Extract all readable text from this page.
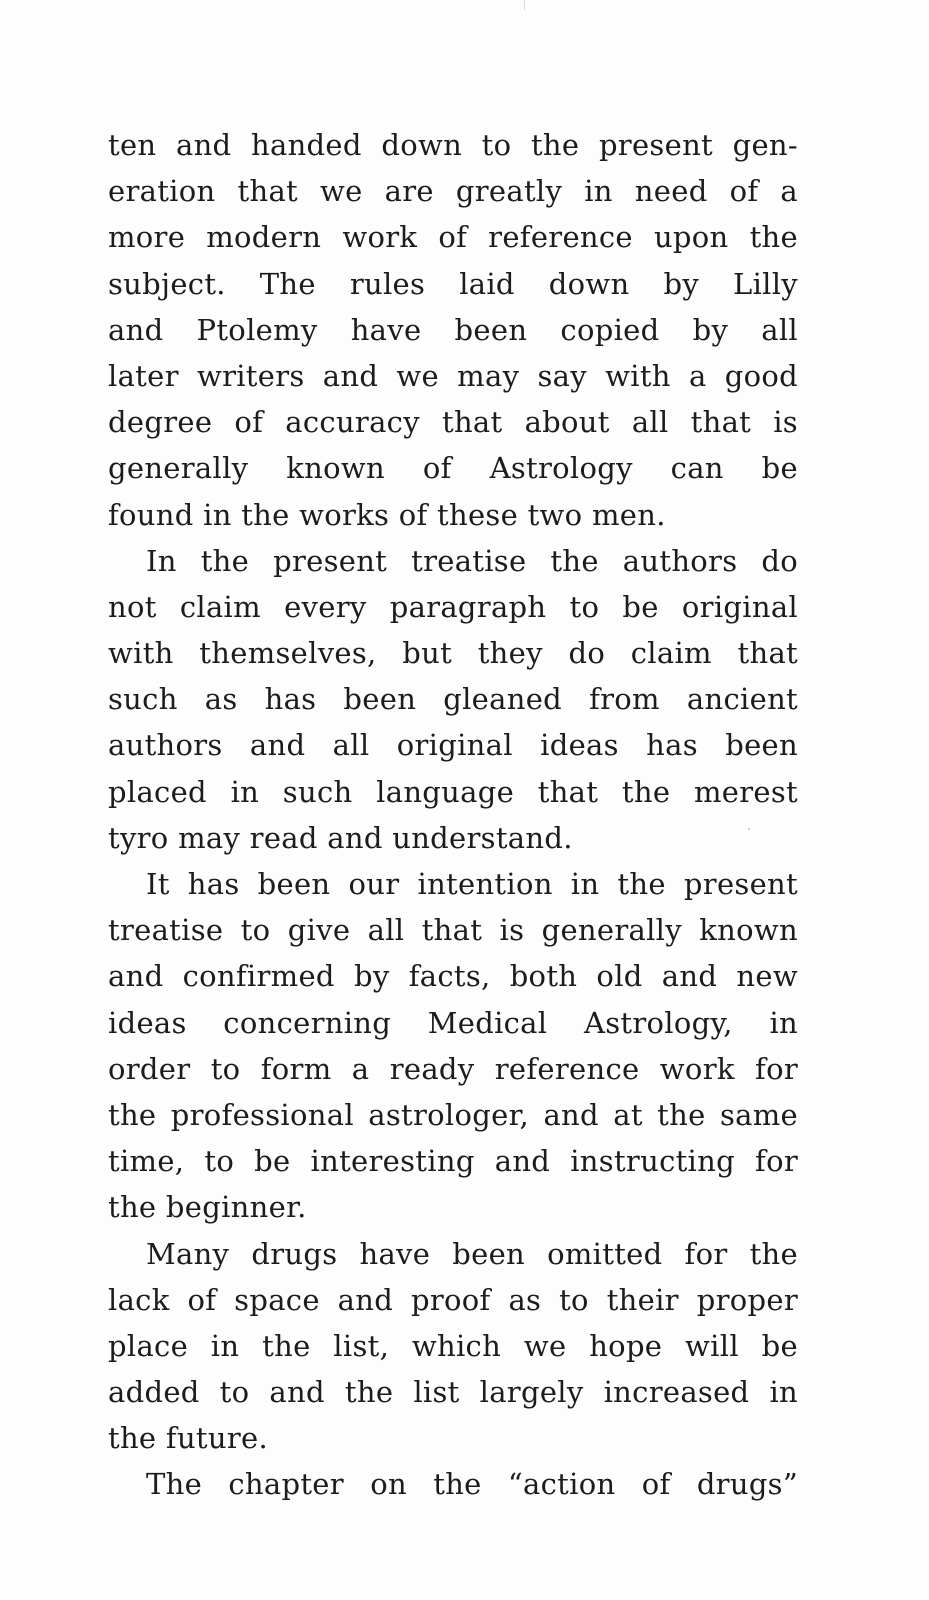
ten and handed down to the present gen-
eration that we are greatly in need of a
more modern work of reference upon the
subject. The rules laid down by Lilly
and Ptolemy have been copied by all
later writers and we may say with a good
degree of accuracy that about all that is
generally known of Astrology can be
found in the works of these two men.
In the present treatise the authors do
not claim every paragraph to be original
with themselves, but they do claim that
such as has been gleaned from ancient
authors and all original ideas has been
placed in such language that the merest
tyro may read and understand.
It has been our intention in the present
treatise to give all that is generally known
and confirmed by facts, both old and new
ideas concerning Medical Astrology, in
order to form a ready reference work for
the professional astrologer, and at the same
time, to be interesting and instructing for
the beginner.
Many drugs have been omitted for the
lack of space and proof as to their proper
place in the list, which we hope will be
added to and the list largely increased in
the future.
The chapter on the “action of drugs”
